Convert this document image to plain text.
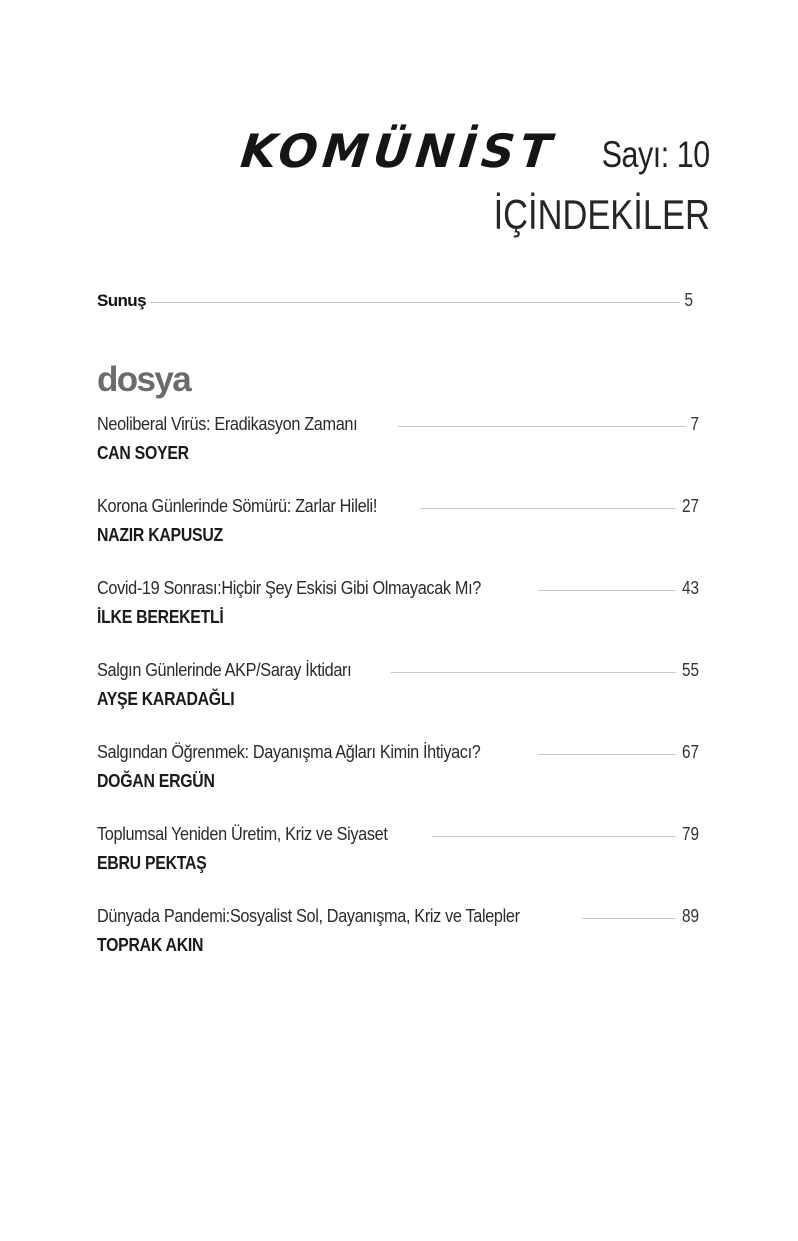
KOMÜNİST Sayı: 10
İÇİNDEKİLER
Sunuş	5
dosya
Neoliberal Virüs: Eradikasyon Zamanı	7
CAN SOYER
Korona Günlerinde Sömürü: Zarlar Hileli!	27
NAZIR KAPUSUZ
Covid-19 Sonrası:Hiçbir Şey Eskisi Gibi Olmayacak Mı?	43
İLKE BEREKETLİ
Salgın Günlerinde AKP/Saray İktidarı	55
AYŞE KARADAĞLI
Salgından Öğrenmek: Dayanışma Ağları Kimin İhtiyacı?	67
DOĞAN ERGÜN
Toplumsal Yeniden Üretim, Kriz ve Siyaset	79
EBRU PEKTAŞ
Dünyada Pandemi:Sosyalist Sol, Dayanışma, Kriz ve Talepler	89
TOPRAK AKIN
